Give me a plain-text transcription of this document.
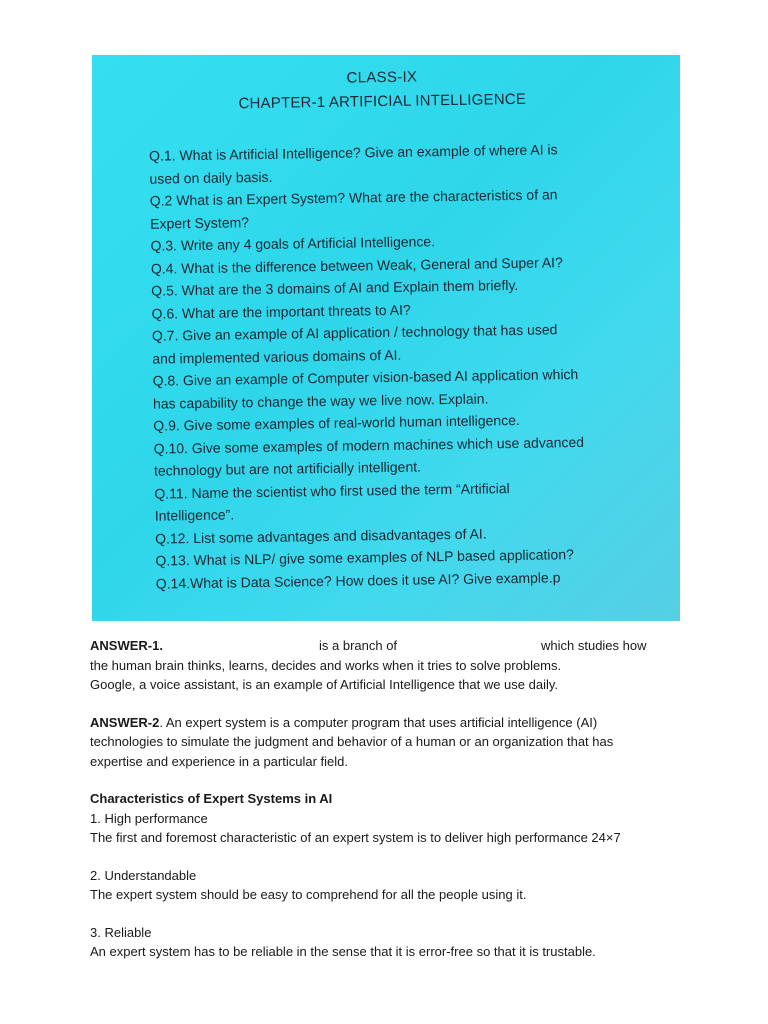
CLASS-IX
CHAPTER-1 ARTIFICIAL INTELLIGENCE

Q.1. What is Artificial Intelligence? Give an example of where AI is

used on daily basis.

Q.2 What is an Expert System? What are the characteristics of an

Expert System?

Q.3. Write any 4 goals of Artificial Intelligence.

Q.4. What is the difference between Weak, General and Super AI?

Q.5. What are the 3 domains of AI and Explain them briefly.

Q.6. What are the important threats to AI?

Q.7. Give an example of AI application / technology that has used

and implemented various domains of AI.

Q.8. Give an example of Computer vision-based AI application which

has capability to change the way we live now. Explain.

Q.9. Give some examples of real-world human intelligence.

Q.10. Give some examples of modern machines which use advanced

technology but are not artificially intelligent.

Q.11. Name the scientist who first used the term “Artificial

Intelligence”.

Q.12. List some advantages and disadvantages of AI.

Q.13. What is NLP/ give some examples of NLP based application?

Q.14.What is Data Science? How does it use AI? Give example.p

ANSWER-1.	is a branch of	which studies how

the human brain thinks, learns, decides and works when it tries to solve problems.

Google, a voice assistant, is an example of Artificial Intelligence that we use daily.

ANSWER-2. An expert system is a computer program that uses artificial intelligence (AI)

technologies to simulate the judgment and behavior of a human or an organization that has

expertise and experience in a particular field.

Characteristics of Expert Systems in AI

1. High performance

The first and foremost characteristic of an expert system is to deliver high performance 24×7

2. Understandable

The expert system should be easy to comprehend for all the people using it.

3. Reliable

An expert system has to be reliable in the sense that it is error-free so that it is trustable.
